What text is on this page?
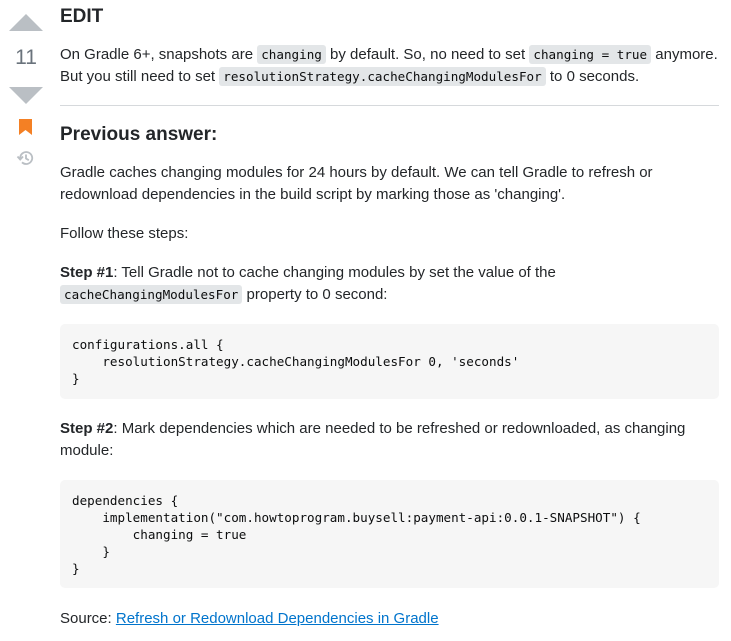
11
EDIT

On Gradle 6+, snapshots are changing by default. So, no need to set changing = true anymore. But you still need to set resolutionStrategy.cacheChangingModulesFor to 0 seconds.

Previous answer:

Gradle caches changing modules for 24 hours by default. We can tell Gradle to refresh or redownload dependencies in the build script by marking those as 'changing'.

Follow these steps:

Step #1: Tell Gradle not to cache changing modules by set the value of the cacheChangingModulesFor property to 0 second:

configurations.all {
resolutionStrategy.cacheChangingModulesFor 0, 'seconds'
}

Step #2: Mark dependencies which are needed to be refreshed or redownloaded, as changing module:

dependencies {
implementation("com.howtoprogram.buysell:payment-api:0.0.1-SNAPSHOT") {
changing = true
}
}

Source: Refresh or Redownload Dependencies in Gradle
